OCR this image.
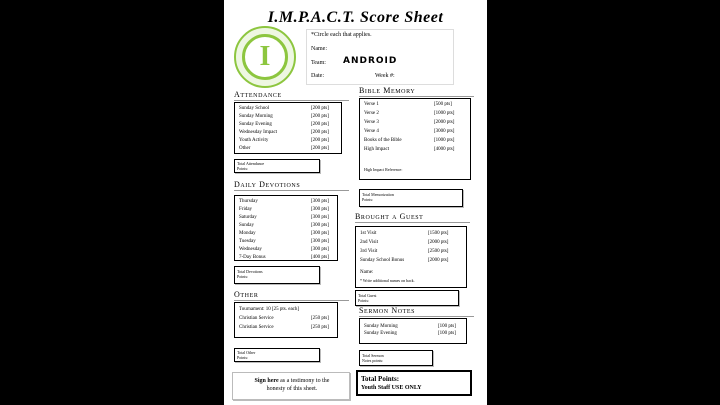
I.M.P.A.C.T. Score Sheet
I
*Circle each that applies.
Name:
Team: ANDROID
Date:	Week #:
Attendance
Sunday School	[200 pts]
Sunday Morning	[200 pts]
Sunday Evening	[200 pts]
Wednesday Impact	[200 pts]
Youth Activity	[200 pts]
Other	[200 pts]
Total Attendance
Points:
Bible Memory
Verse 1	[500 pts]
Verse 2	[1000 pts]
Verse 3	[2000 pts]
Verse 4	[3000 pts]
Books of the Bible	[1000 pts]
High Impact	[4000 pts]
High Impact Reference:
Total Memorization
Points:
Daily Devotions
Thursday	[300 pts]
Friday	[300 pts]
Saturday	[300 pts]
Sunday	[300 pts]
Monday	[300 pts]
Tuesday	[300 pts]
Wednesday	[300 pts]
7-Day Bonus	[400 pts]
Total Devotions
Points:
Brought a Guest
1st Visit	[1500 pts]
2nd Visit	[2000 pts]
3rd Visit	[2500 pts]
Sunday School Bonus	[2000 pts]
Name:
* Write additional names on back.
Total Guest
Points:
Other
Tournament: 10 [25 pts. each]
Christian Service	[250 pts]
Christian Service	[250 pts]
Total Other
Points:
Sermon Notes
Sunday Morning	[100 pts]
Sunday Evening	[100 pts]
Total Sermon
Notes points:
Sign here as a testimony to the
honesty of this sheet.
Total Points:
Youth Staff USE ONLY
